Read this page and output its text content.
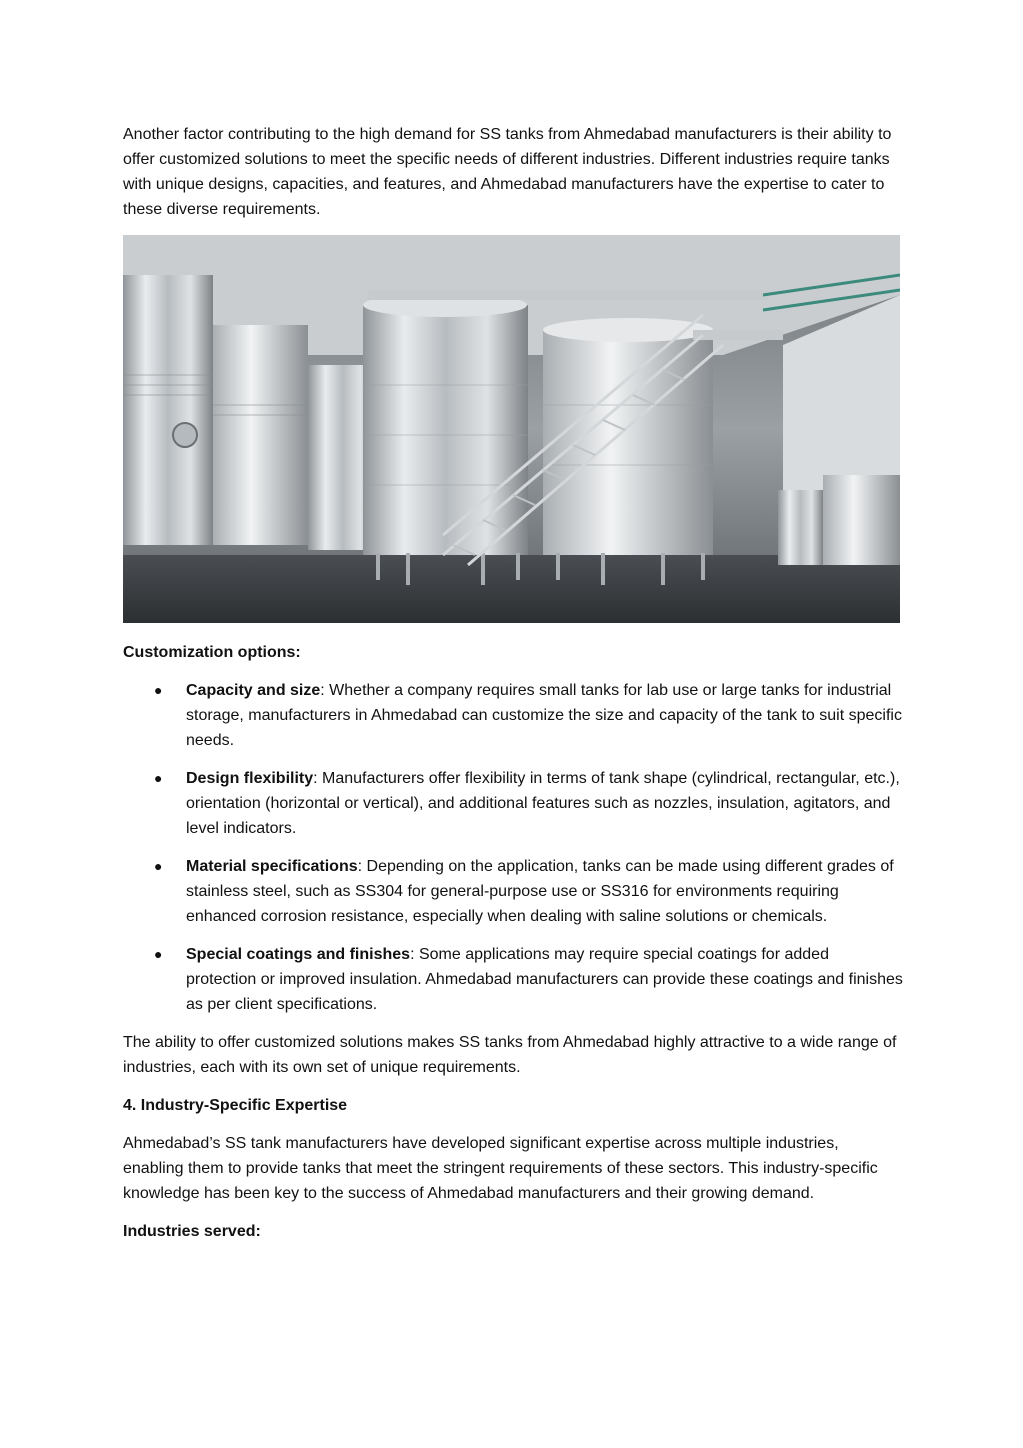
Another factor contributing to the high demand for SS tanks from Ahmedabad manufacturers is their ability to offer customized solutions to meet the specific needs of different industries. Different industries require tanks with unique designs, capacities, and features, and Ahmedabad manufacturers have the expertise to cater to these diverse requirements.

Customization options:

● Capacity and size: Whether a company requires small tanks for lab use or large tanks for industrial storage, manufacturers in Ahmedabad can customize the size and capacity of the tank to suit specific needs.
● Design flexibility: Manufacturers offer flexibility in terms of tank shape (cylindrical, rectangular, etc.), orientation (horizontal or vertical), and additional features such as nozzles, insulation, agitators, and level indicators.
● Material specifications: Depending on the application, tanks can be made using different grades of stainless steel, such as SS304 for general-purpose use or SS316 for environments requiring enhanced corrosion resistance, especially when dealing with saline solutions or chemicals.
● Special coatings and finishes: Some applications may require special coatings for added protection or improved insulation. Ahmedabad manufacturers can provide these coatings and finishes as per client specifications.

The ability to offer customized solutions makes SS tanks from Ahmedabad highly attractive to a wide range of industries, each with its own set of unique requirements.

4. Industry-Specific Expertise

Ahmedabad’s SS tank manufacturers have developed significant expertise across multiple industries, enabling them to provide tanks that meet the stringent requirements of these sectors. This industry-specific knowledge has been key to the success of Ahmedabad manufacturers and their growing demand.

Industries served:
